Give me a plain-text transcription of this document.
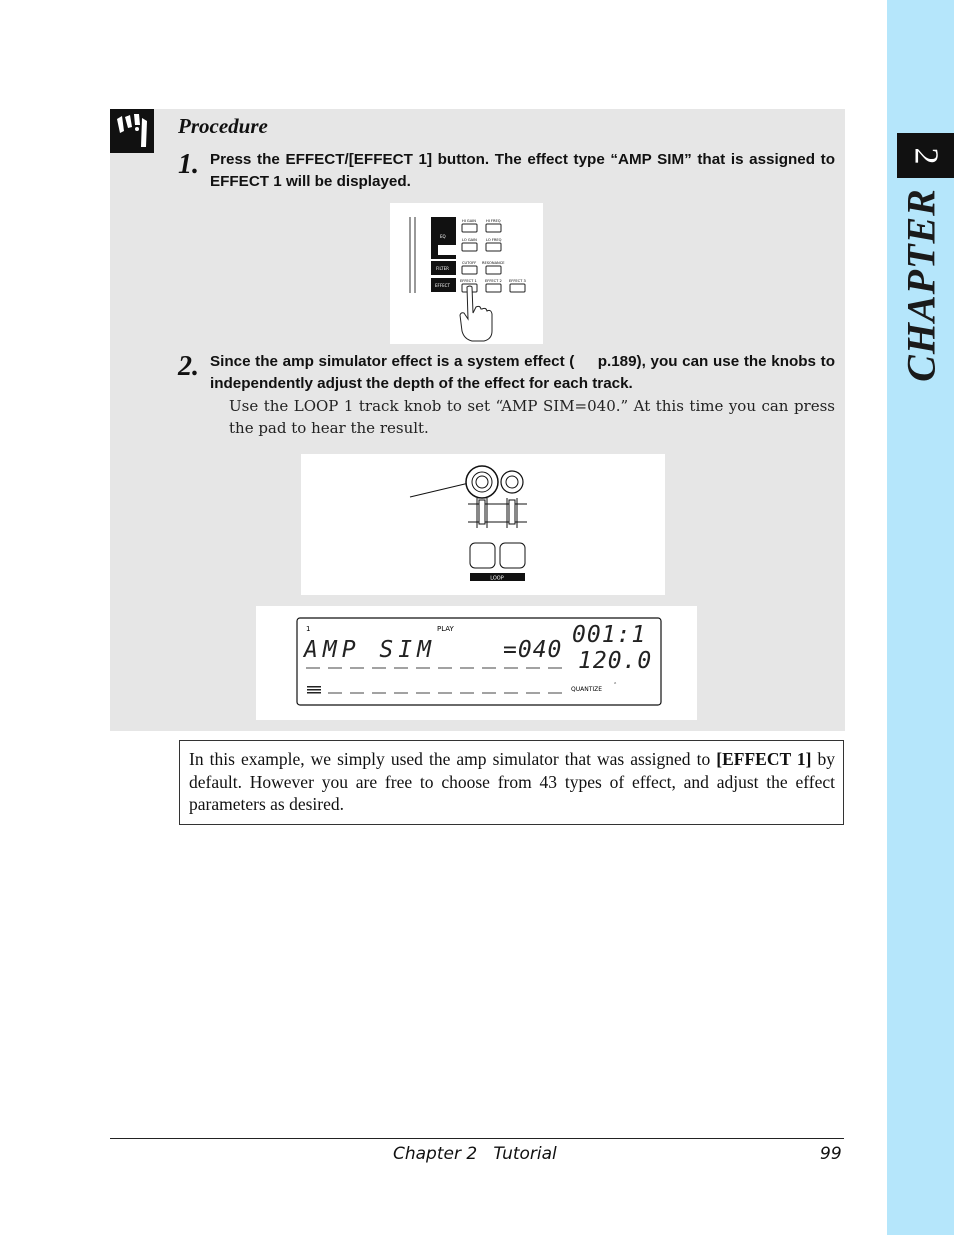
2
CHAPTER
Procedure
1. Press the EFFECT/[EFFECT 1] button. The effect type “AMP SIM” that is assigned to EFFECT 1 will be displayed.
EQ
FILTER
EFFECT
HI GAIN	HI FREQ
LO GAIN	LO FREQ
CUTOFF RESONANCE
EFFECT 1 EFFECT 2 EFFECT 3
2. Since the amp simulator effect is a system effect ( p.189), you can use the knobs to independently adjust the depth of the effect for each track.
Use the LOOP 1 track knob to set “AMP SIM=040.” At this time you can press the pad to hear the result.
LOOP
1	PLAY
AMP SIM	=040
001:1
120.0
QUANTIZE
⌃
In this example, we simply used the amp simulator that was assigned to [EFFECT 1] by default. However you are free to choose from 43 types of effect, and adjust the effect parameters as desired.
Chapter 2   Tutorial	99
